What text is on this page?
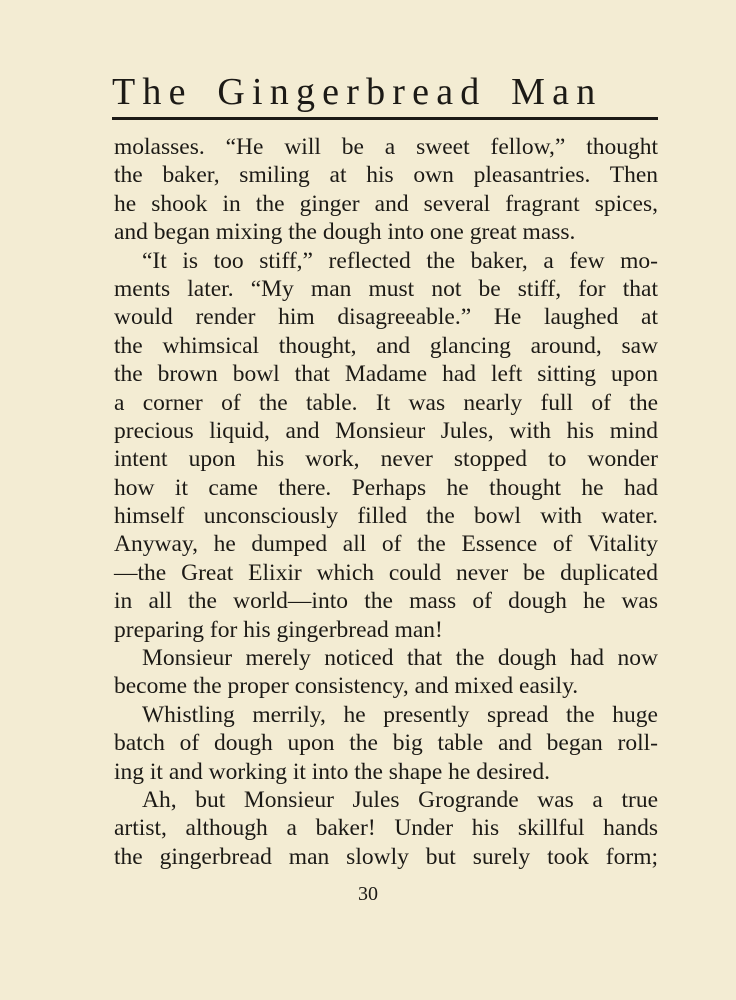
The Gingerbread Man
molasses. “He will be a sweet fellow,” thought
the baker, smiling at his own pleasantries. Then
he shook in the ginger and several fragrant spices,
and began mixing the dough into one great mass.
“It is too stiff,” reflected the baker, a few mo-
ments later. “My man must not be stiff, for that
would render him disagreeable.” He laughed at
the whimsical thought, and glancing around, saw
the brown bowl that Madame had left sitting upon
a corner of the table. It was nearly full of the
precious liquid, and Monsieur Jules, with his mind
intent upon his work, never stopped to wonder
how it came there. Perhaps he thought he had
himself unconsciously filled the bowl with water.
Anyway, he dumped all of the Essence of Vitality
—the Great Elixir which could never be duplicated
in all the world—into the mass of dough he was
preparing for his gingerbread man!
Monsieur merely noticed that the dough had now
become the proper consistency, and mixed easily.
Whistling merrily, he presently spread the huge
batch of dough upon the big table and began roll-
ing it and working it into the shape he desired.
Ah, but Monsieur Jules Grogrande was a true
artist, although a baker! Under his skillful hands
the gingerbread man slowly but surely took form;
30
